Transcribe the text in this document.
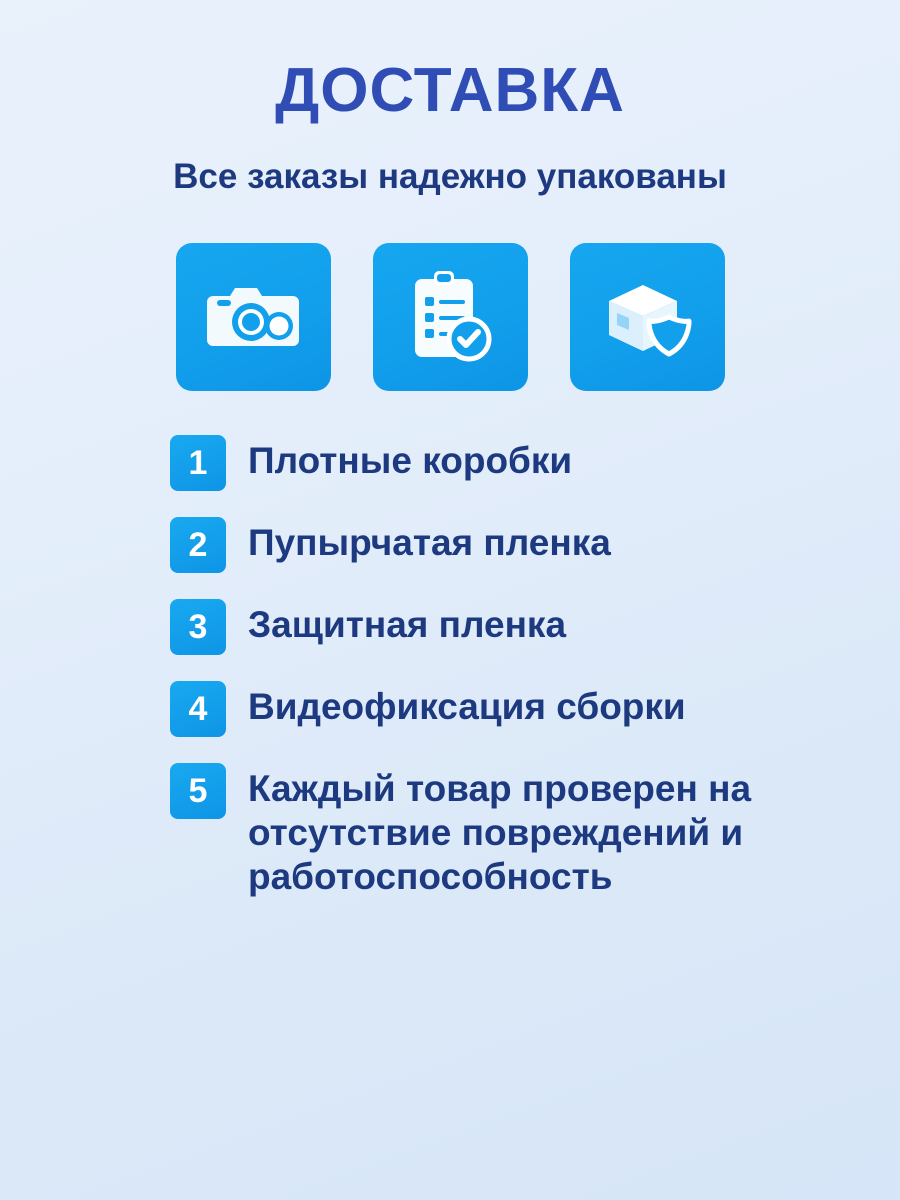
ДОСТАВКА
Все заказы надежно упакованы
1	Плотные коробки
2	Пупырчатая пленка
3	Защитная пленка
4	Видеофиксация сборки
5	Каждый товар проверен на отсутствие повреждений и работоспособность
